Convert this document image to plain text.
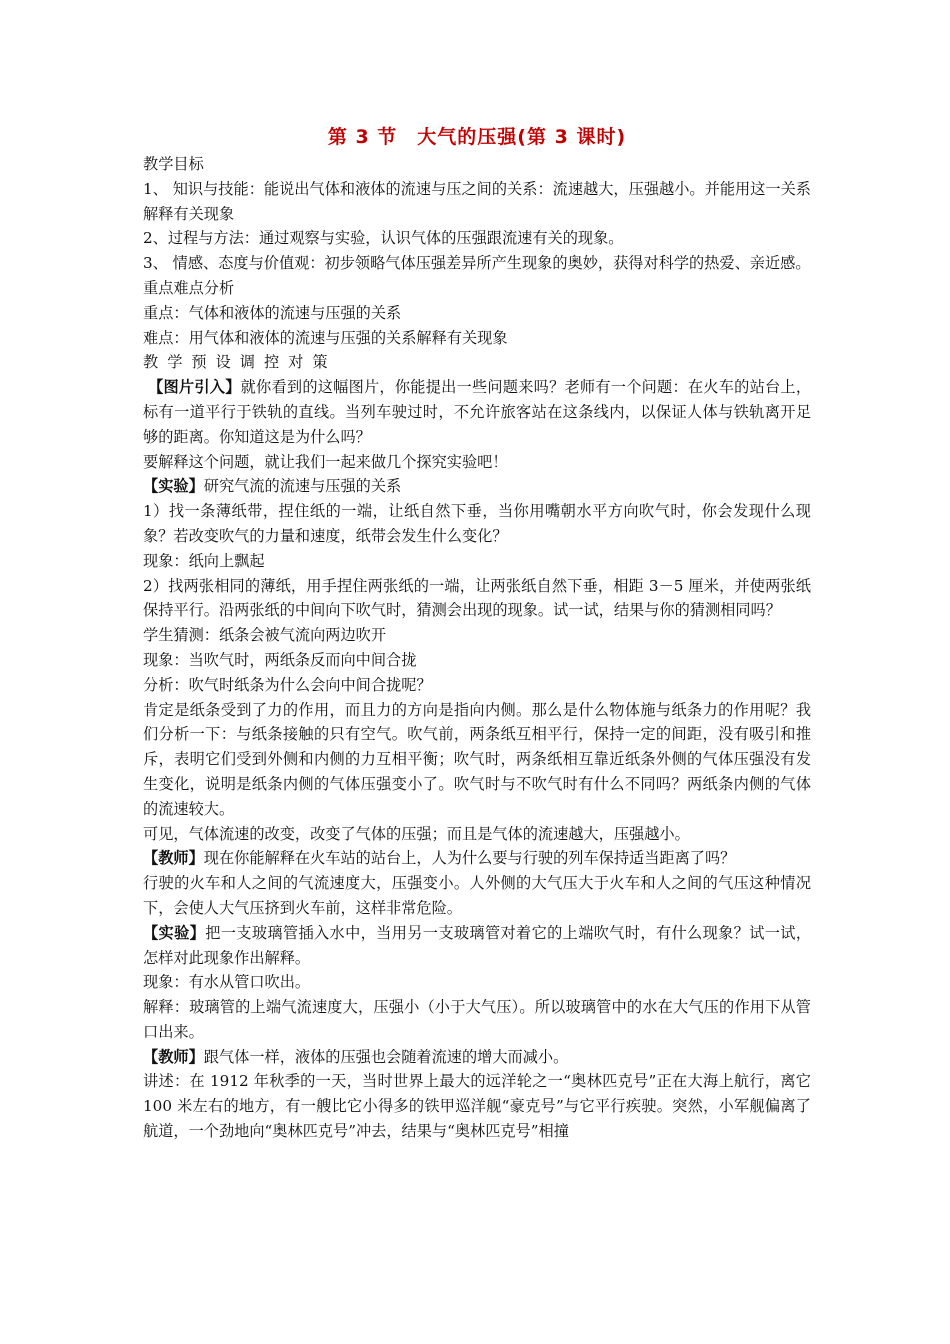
第 3 节　大气的压强(第 3 课时)

教学目标

1、 知识与技能：能说出气体和液体的流速与压之间的关系：流速越大，压强越小。并能用这一关系解释有关现象

2、过程与方法：通过观察与实验，认识气体的压强跟流速有关的现象。

3、 情感、态度与价值观：初步领略气体压强差异所产生现象的奥妙，获得对科学的热爱、亲近感。

重点难点分析

重点：气体和液体的流速与压强的关系

难点：用气体和液体的流速与压强的关系解释有关现象

教学预设调控对策

【图片引入】就你看到的这幅图片，你能提出一些问题来吗？老师有一个问题：在火车的站台上，标有一道平行于铁轨的直线。当列车驶过时，不允许旅客站在这条线内，以保证人体与铁轨离开足够的距离。你知道这是为什么吗？

要解释这个问题，就让我们一起来做几个探究实验吧！

【实验】研究气流的流速与压强的关系

1）找一条薄纸带，捏住纸的一端，让纸自然下垂，当你用嘴朝水平方向吹气时，你会发现什么现象？若改变吹气的力量和速度，纸带会发生什么变化？

现象：纸向上飘起

2）找两张相同的薄纸，用手捏住两张纸的一端，让两张纸自然下垂，相距 3－5 厘米，并使两张纸保持平行。沿两张纸的中间向下吹气时，猜测会出现的现象。试一试，结果与你的猜测相同吗？

学生猜测：纸条会被气流向两边吹开

现象：当吹气时，两纸条反而向中间合拢

分析：吹气时纸条为什么会向中间合拢呢？

肯定是纸条受到了力的作用，而且力的方向是指向内侧。那么是什么物体施与纸条力的作用呢？我们分析一下：与纸条接触的只有空气。吹气前，两条纸互相平行，保持一定的间距，没有吸引和推斥，表明它们受到外侧和内侧的力互相平衡；吹气时，两条纸相互靠近纸条外侧的气体压强没有发生变化，说明是纸条内侧的气体压强变小了。吹气时与不吹气时有什么不同吗？两纸条内侧的气体的流速较大。

可见，气体流速的改变，改变了气体的压强；而且是气体的流速越大，压强越小。

【教师】现在你能解释在火车站的站台上，人为什么要与行驶的列车保持适当距离了吗？

行驶的火车和人之间的气流速度大，压强变小。人外侧的大气压大于火车和人之间的气压这种情况下，会使人大气压挤到火车前，这样非常危险。

【实验】把一支玻璃管插入水中，当用另一支玻璃管对着它的上端吹气时，有什么现象？试一试，怎样对此现象作出解释。

现象：有水从管口吹出。

解释：玻璃管的上端气流速度大，压强小（小于大气压）。所以玻璃管中的水在大气压的作用下从管口出来。

【教师】跟气体一样，液体的压强也会随着流速的增大而减小。

讲述：在 1912 年秋季的一天，当时世界上最大的远洋轮之一“奥林匹克号”正在大海上航行，离它 100 米左右的地方，有一艘比它小得多的铁甲巡洋舰“豪克号”与它平行疾驶。突然，小军舰偏离了航道，一个劲地向“奥林匹克号”冲去，结果与“奥林匹克号”相撞
